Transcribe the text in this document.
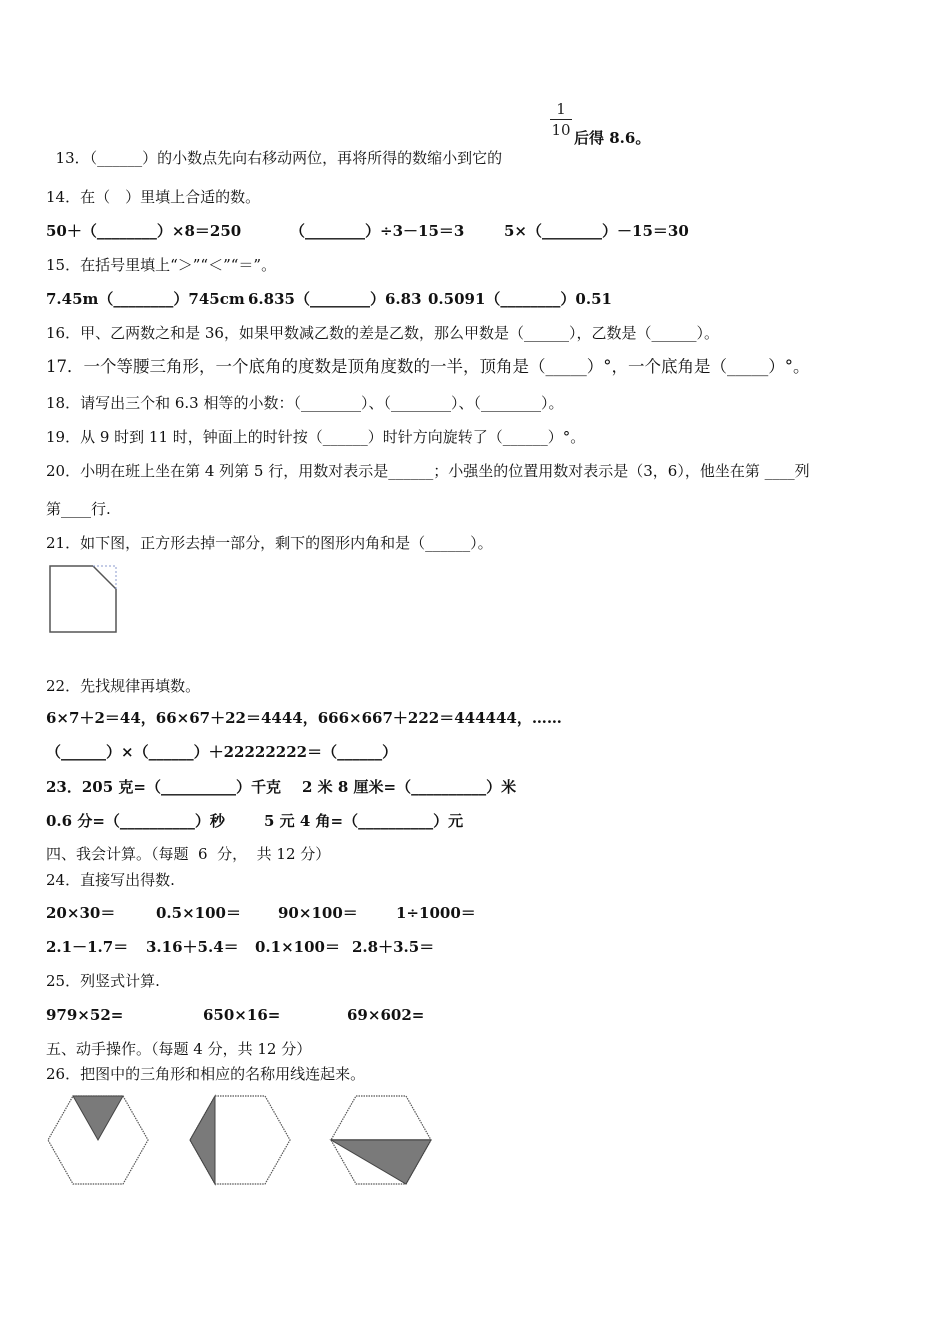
13．（______）的小数点先向右移动两位，再将所得的数缩小到它的

1
10 后得 8.6。
14．在（　）里填上合适的数。
50＋（________）×8＝250	（________）÷3－15＝3	5×（________）－15＝30
15．在括号里填上“＞”“＜”“＝”。
7.45m（________）745cm 6.835（________）6.83 0.5091（________）0.51
16．甲、乙两数之和是 36，如果甲数减乙数的差是乙数，那么甲数是（______），乙数是（______）。
17．一个等腰三角形，一个底角的度数是顶角度数的一半，顶角是（_____）°，一个底角是（_____）°。
18．请写出三个和 6.3 相等的小数：（________）、（________）、（________）。
19．从 9 时到 11 时，钟面上的时针按（______）时针方向旋转了（______）°。
20．小明在班上坐在第 4 列第 5 行，用数对表示是______；小强坐的位置用数对表示是（3，6），他坐在第 ____列
第____行.
21．如下图，正方形去掉一部分，剩下的图形内角和是（______）。
22．先找规律再填数。
6×7＋2＝44，66×67＋22＝4444，666×667＋222＝444444，……
（______）×（______）＋22222222＝（______）
23．205 克=（__________）千克 2 米 8 厘米=（__________）米
0.6 分=（__________）秒	5 元 4 角=（__________）元
四、我会计算。（每题  6  分，  共 12 分）
24．直接写出得数.
20×30＝	0.5×100＝ 90×100＝	1÷1000＝
2.1－1.7＝ 3.16＋5.4＝ 0.1×100＝ 2.8＋3.5＝
25．列竖式计算.
979×52=	650×16=	69×602=
五、动手操作。（每题 4 分，共 12 分）
26．把图中的三角形和相应的名称用线连起来。
